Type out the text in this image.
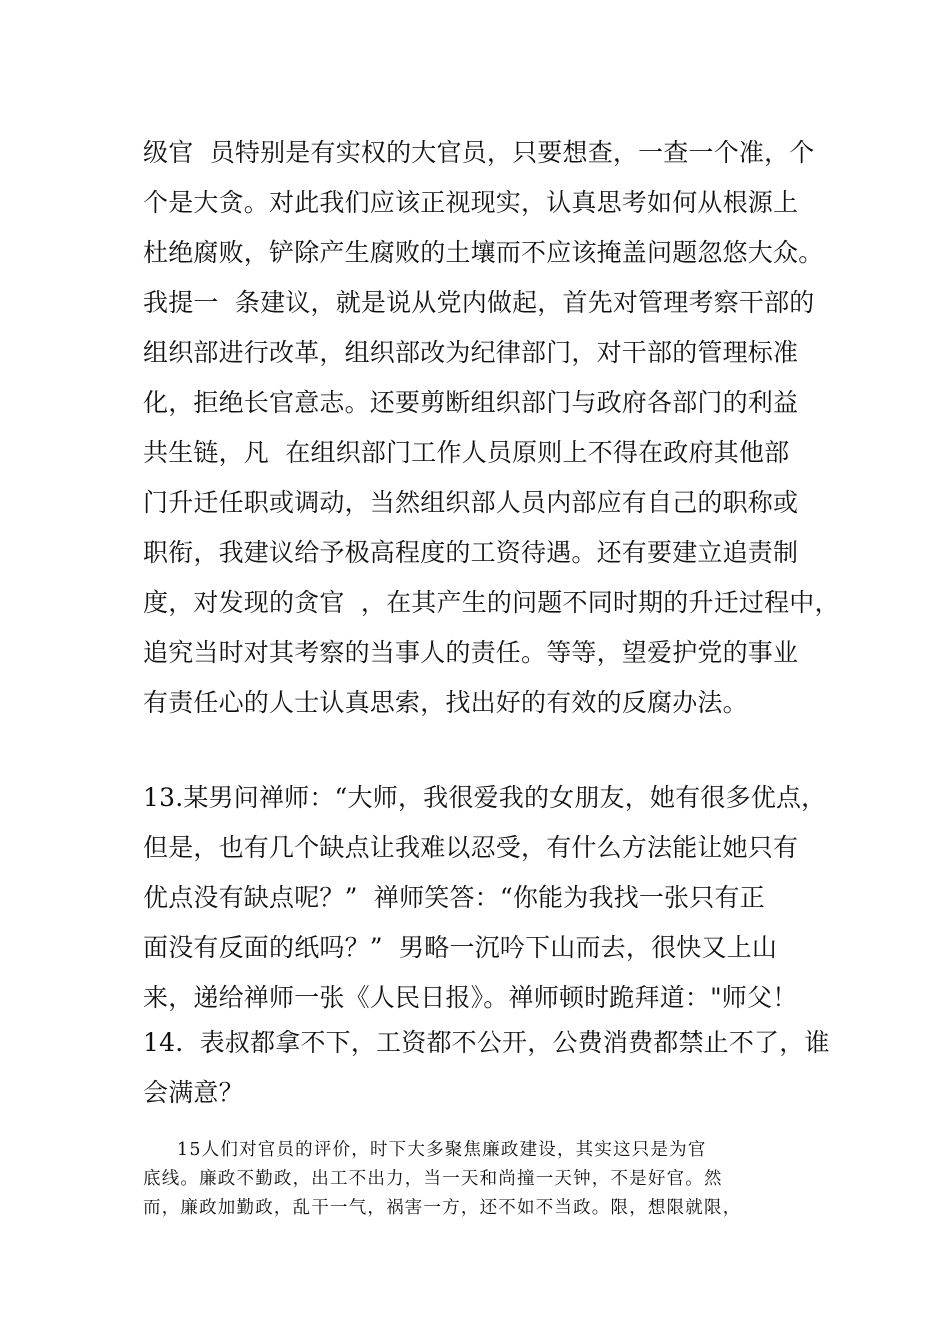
级官  员特别是有实权的大官员，只要想查，一查一个准，个
个是大贪。对此我们应该正视现实，认真思考如何从根源上
杜绝腐败，铲除产生腐败的土壤而不应该掩盖问题忽悠大众。
我提一  条建议，就是说从党内做起，首先对管理考察干部的
组织部进行改革，组织部改为纪律部门，对干部的管理标准
化，拒绝长官意志。还要剪断组织部门与政府各部门的利益
共生链，凡  在组织部门工作人员原则上不得在政府其他部
门升迁任职或调动，当然组织部人员内部应有自己的职称或
职衔，我建议给予极高程度的工资待遇。还有要建立追责制
度，对发现的贪官  ，在其产生的问题不同时期的升迁过程中，
追究当时对其考察的当事人的责任。等等，望爱护党的事业
有责任心的人士认真思索，找出好的有效的反腐办法。
13.某男问禅师：“大师，我很爱我的女朋友，她有很多优点，
但是，也有几个缺点让我难以忍受，有什么方法能让她只有
优点没有缺点呢？”  禅师笑答：“你能为我找一张只有正
面没有反面的纸吗？”  男略一沉吟下山而去，很快又上山
来，递给禅师一张《人民日报》。禅师顿时跪拜道："师父！
14.  表叔都拿不下，工资都不公开，公费消费都禁止不了，谁
会满意？
15人们对官员的评价，时下大多聚焦廉政建设，其实这只是为官
底线。廉政不勤政，出工不出力，当一天和尚撞一天钟，不是好官。然
而，廉政加勤政，乱干一气，祸害一方，还不如不当政。限，想限就限，
